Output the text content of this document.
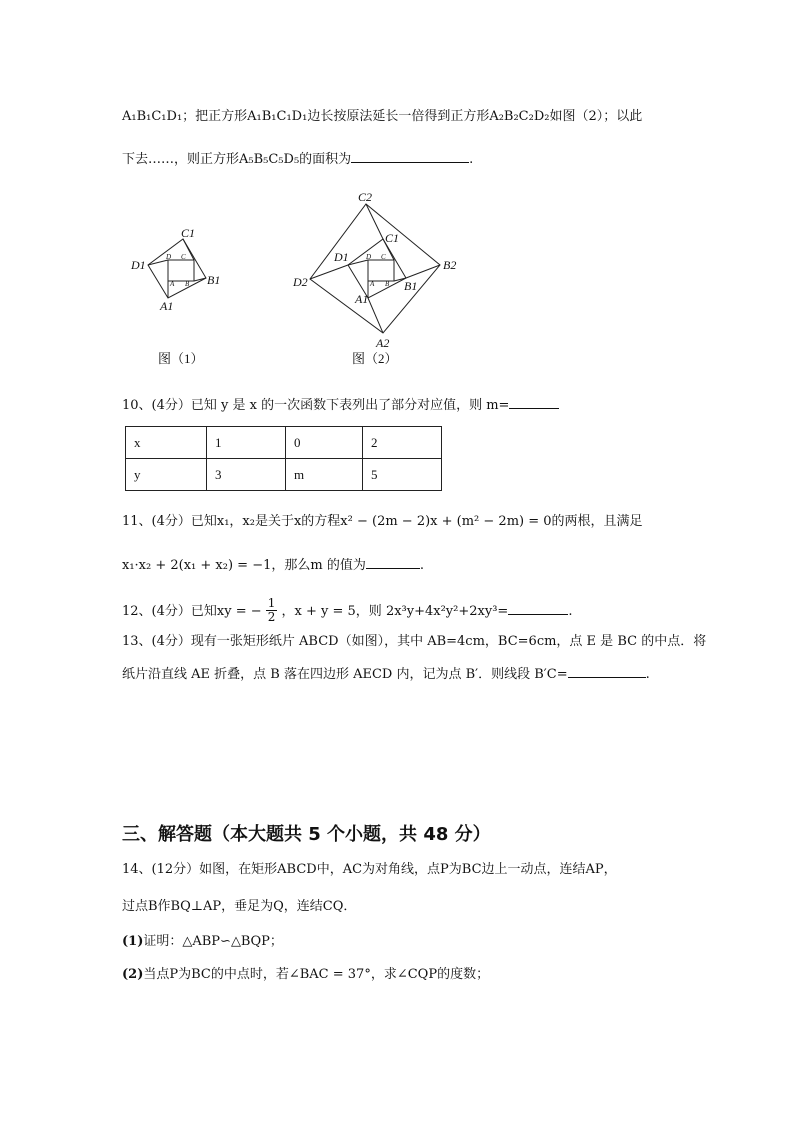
A₁B₁C₁D₁；把正方形A₁B₁C₁D₁边长按原法延长一倍得到正方形A₂B₂C₂D₂如图（2）；以此
下去……，则正方形A₅B₅C₅D₅的面积为	.
C1
D1
B1
A1
D C
A B
C2
B2
D2
A2
C1
D1
B1
A1
D C
A B
图（1）	图（2）
10、(4分）已知 y 是 x 的一次函数下表列出了部分对应值，则 m=
x	1	0	2
y	3	m	5
11、(4分）已知x₁，x₂是关于x的方程x² − (2m − 2)x + (m² − 2m) = 0的两根，且满足
x₁·x₂ + 2(x₁ + x₂) = −1，那么m 的值为	.
12、(4分）已知xy = − $\frac{1}{2}$ ，x + y = 5，则 2x³y+4x²y²+2xy³=	.
13、(4分）现有一张矩形纸片 ABCD（如图），其中 AB=4cm，BC=6cm，点 E 是 BC 的中点．将
纸片沿直线 AE 折叠，点 B 落在四边形 AECD 内，记为点 B′．则线段 B′C=	.
三、解答题（本大题共 5 个小题，共 48 分）
14、(12分）如图，在矩形ABCD中，AC为对角线，点P为BC边上一动点，连结AP，
过点B作BQ⊥AP，垂足为Q，连结CQ．
(1)证明：△ABP∽△BQP；
(2)当点P为BC的中点时，若∠BAC = 37°，求∠CQP的度数；
